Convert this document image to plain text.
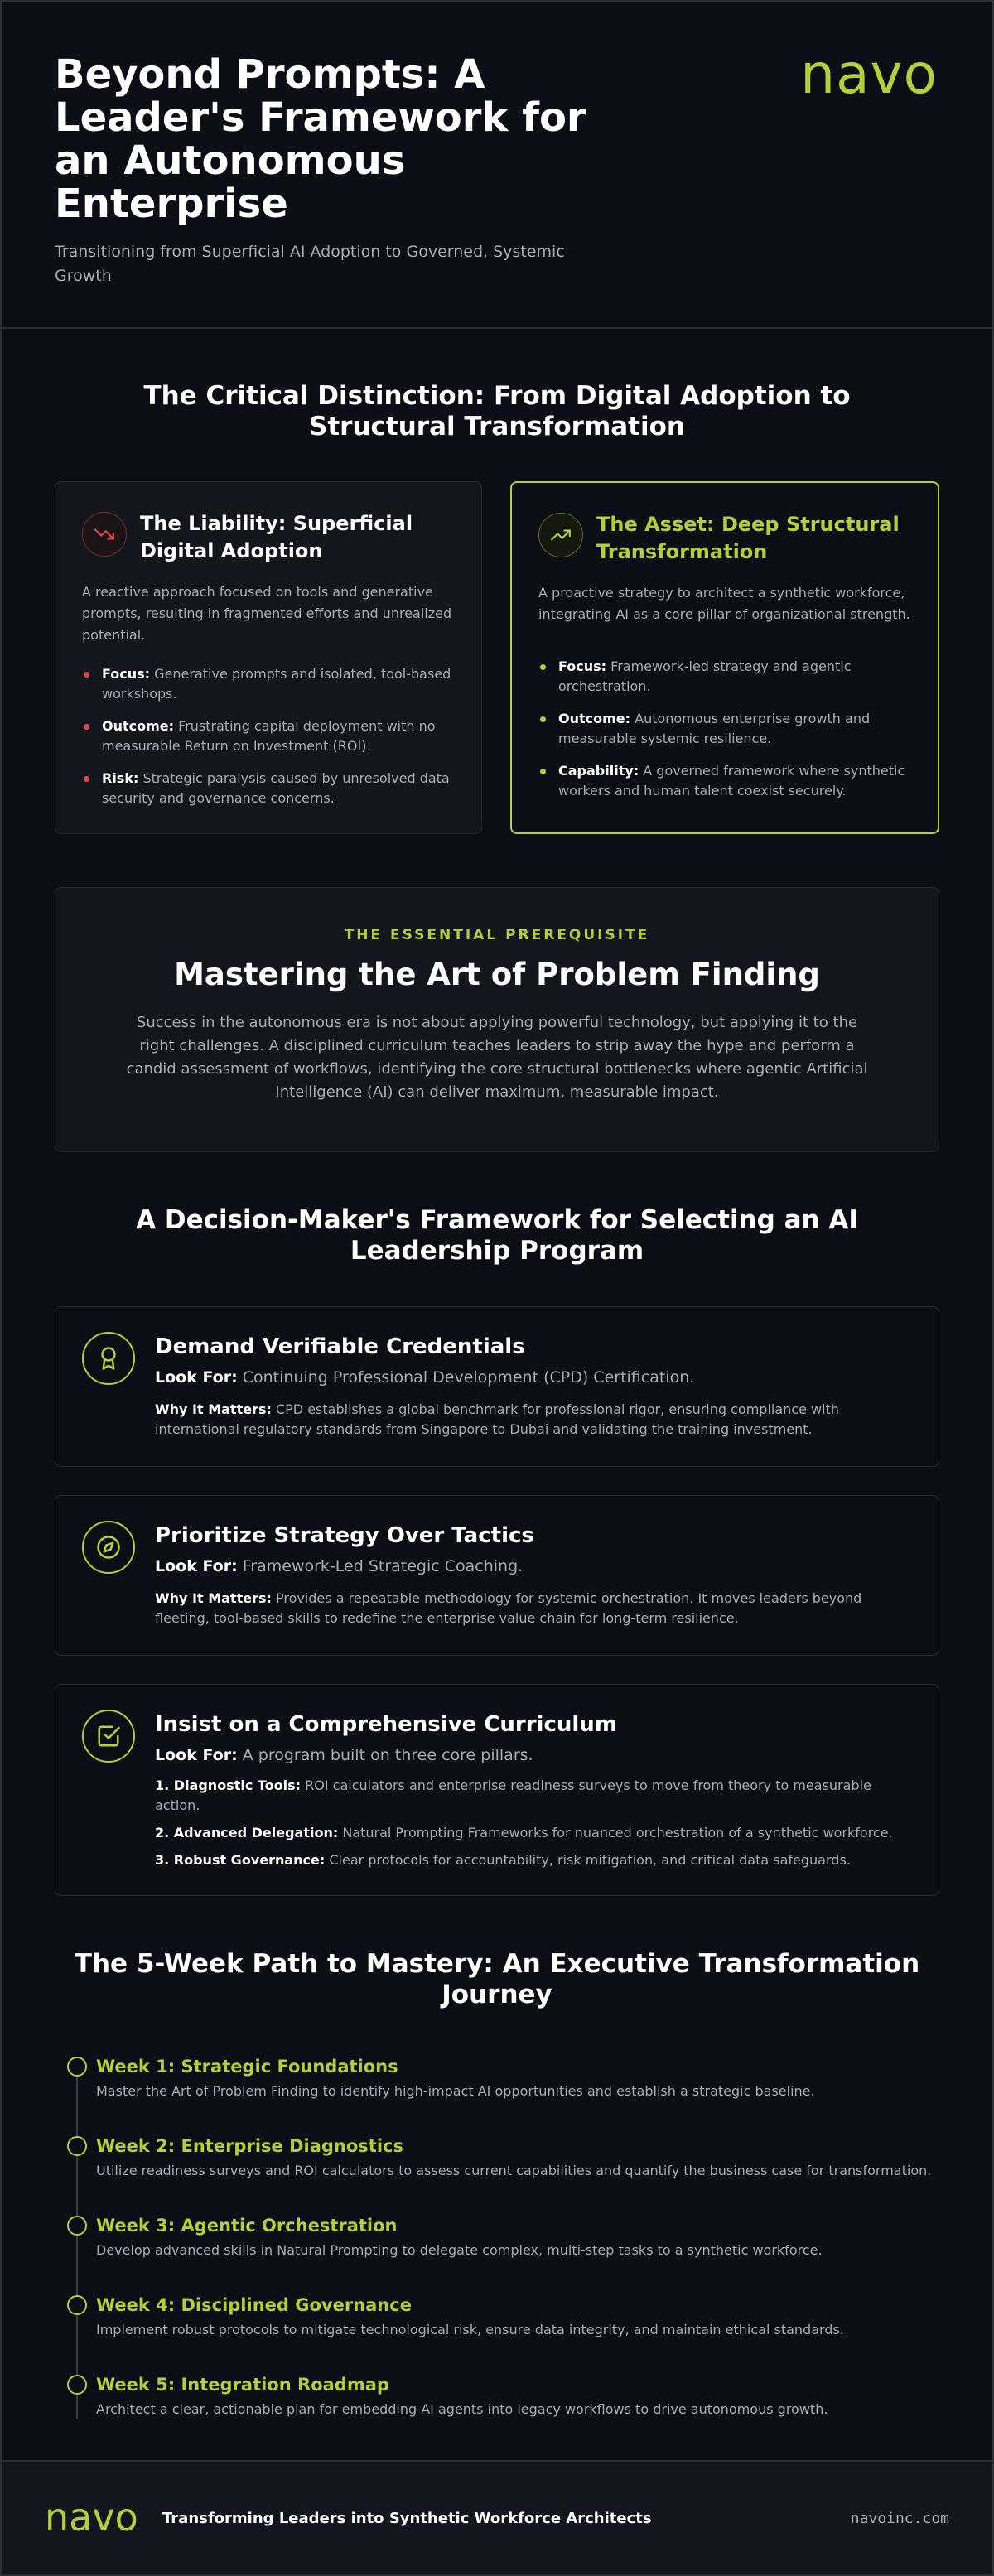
Beyond Prompts: A Leader's Framework for an Autonomous Enterprise

Transitioning from Superficial AI Adoption to Governed, Systemic Growth

navo
The Critical Distinction: From Digital Adoption to Structural Transformation
The Liability: Superficial Digital Adoption

A reactive approach focused on tools and generative prompts, resulting in fragmented efforts and unrealized potential.

Focus: Generative prompts and isolated, tool-based workshops.
Outcome: Frustrating capital deployment with no measurable Return on Investment (ROI).
Risk: Strategic paralysis caused by unresolved data security and governance concerns.
The Asset: Deep Structural Transformation

A proactive strategy to architect a synthetic workforce, integrating AI as a core pillar of organizational strength.

Focus: Framework-led strategy and agentic orchestration.
Outcome: Autonomous enterprise growth and measurable systemic resilience.
Capability: A governed framework where synthetic workers and human talent coexist securely.
THE ESSENTIAL PREREQUISITE
Mastering the Art of Problem Finding

Success in the autonomous era is not about applying powerful technology, but applying it to the right challenges. A disciplined curriculum teaches leaders to strip away the hype and perform a candid assessment of workflows, identifying the core structural bottlenecks where agentic Artificial Intelligence (AI) can deliver maximum, measurable impact.

A Decision-Maker's Framework for Selecting an AI Leadership Program
Demand Verifiable Credentials

Look For: Continuing Professional Development (CPD) Certification.

Why It Matters: CPD establishes a global benchmark for professional rigor, ensuring compliance with international regulatory standards from Singapore to Dubai and validating the training investment.

Prioritize Strategy Over Tactics

Look For: Framework-Led Strategic Coaching.

Why It Matters: Provides a repeatable methodology for systemic orchestration. It moves leaders beyond fleeting, tool-based skills to redefine the enterprise value chain for long-term resilience.

Insist on a Comprehensive Curriculum

Look For: A program built on three core pillars.

1. Diagnostic Tools: ROI calculators and enterprise readiness surveys to move from theory to measurable action.
2. Advanced Delegation: Natural Prompting Frameworks for nuanced orchestration of a synthetic workforce.
3. Robust Governance: Clear protocols for accountability, risk mitigation, and critical data safeguards.
The 5-Week Path to Mastery: An Executive Transformation Journey
Week 1: Strategic Foundations
Master the Art of Problem Finding to identify high-impact AI opportunities and establish a strategic baseline.
Week 2: Enterprise Diagnostics
Utilize readiness surveys and ROI calculators to assess current capabilities and quantify the business case for transformation.
Week 3: Agentic Orchestration
Develop advanced skills in Natural Prompting to delegate complex, multi-step tasks to a synthetic workforce.
Week 4: Disciplined Governance
Implement robust protocols to mitigate technological risk, ensure data integrity, and maintain ethical standards.
Week 5: Integration Roadmap
Architect a clear, actionable plan for embedding AI agents into legacy workflows to drive autonomous growth.
navo Transforming Leaders into Synthetic Workforce Architects	navoinc.com
